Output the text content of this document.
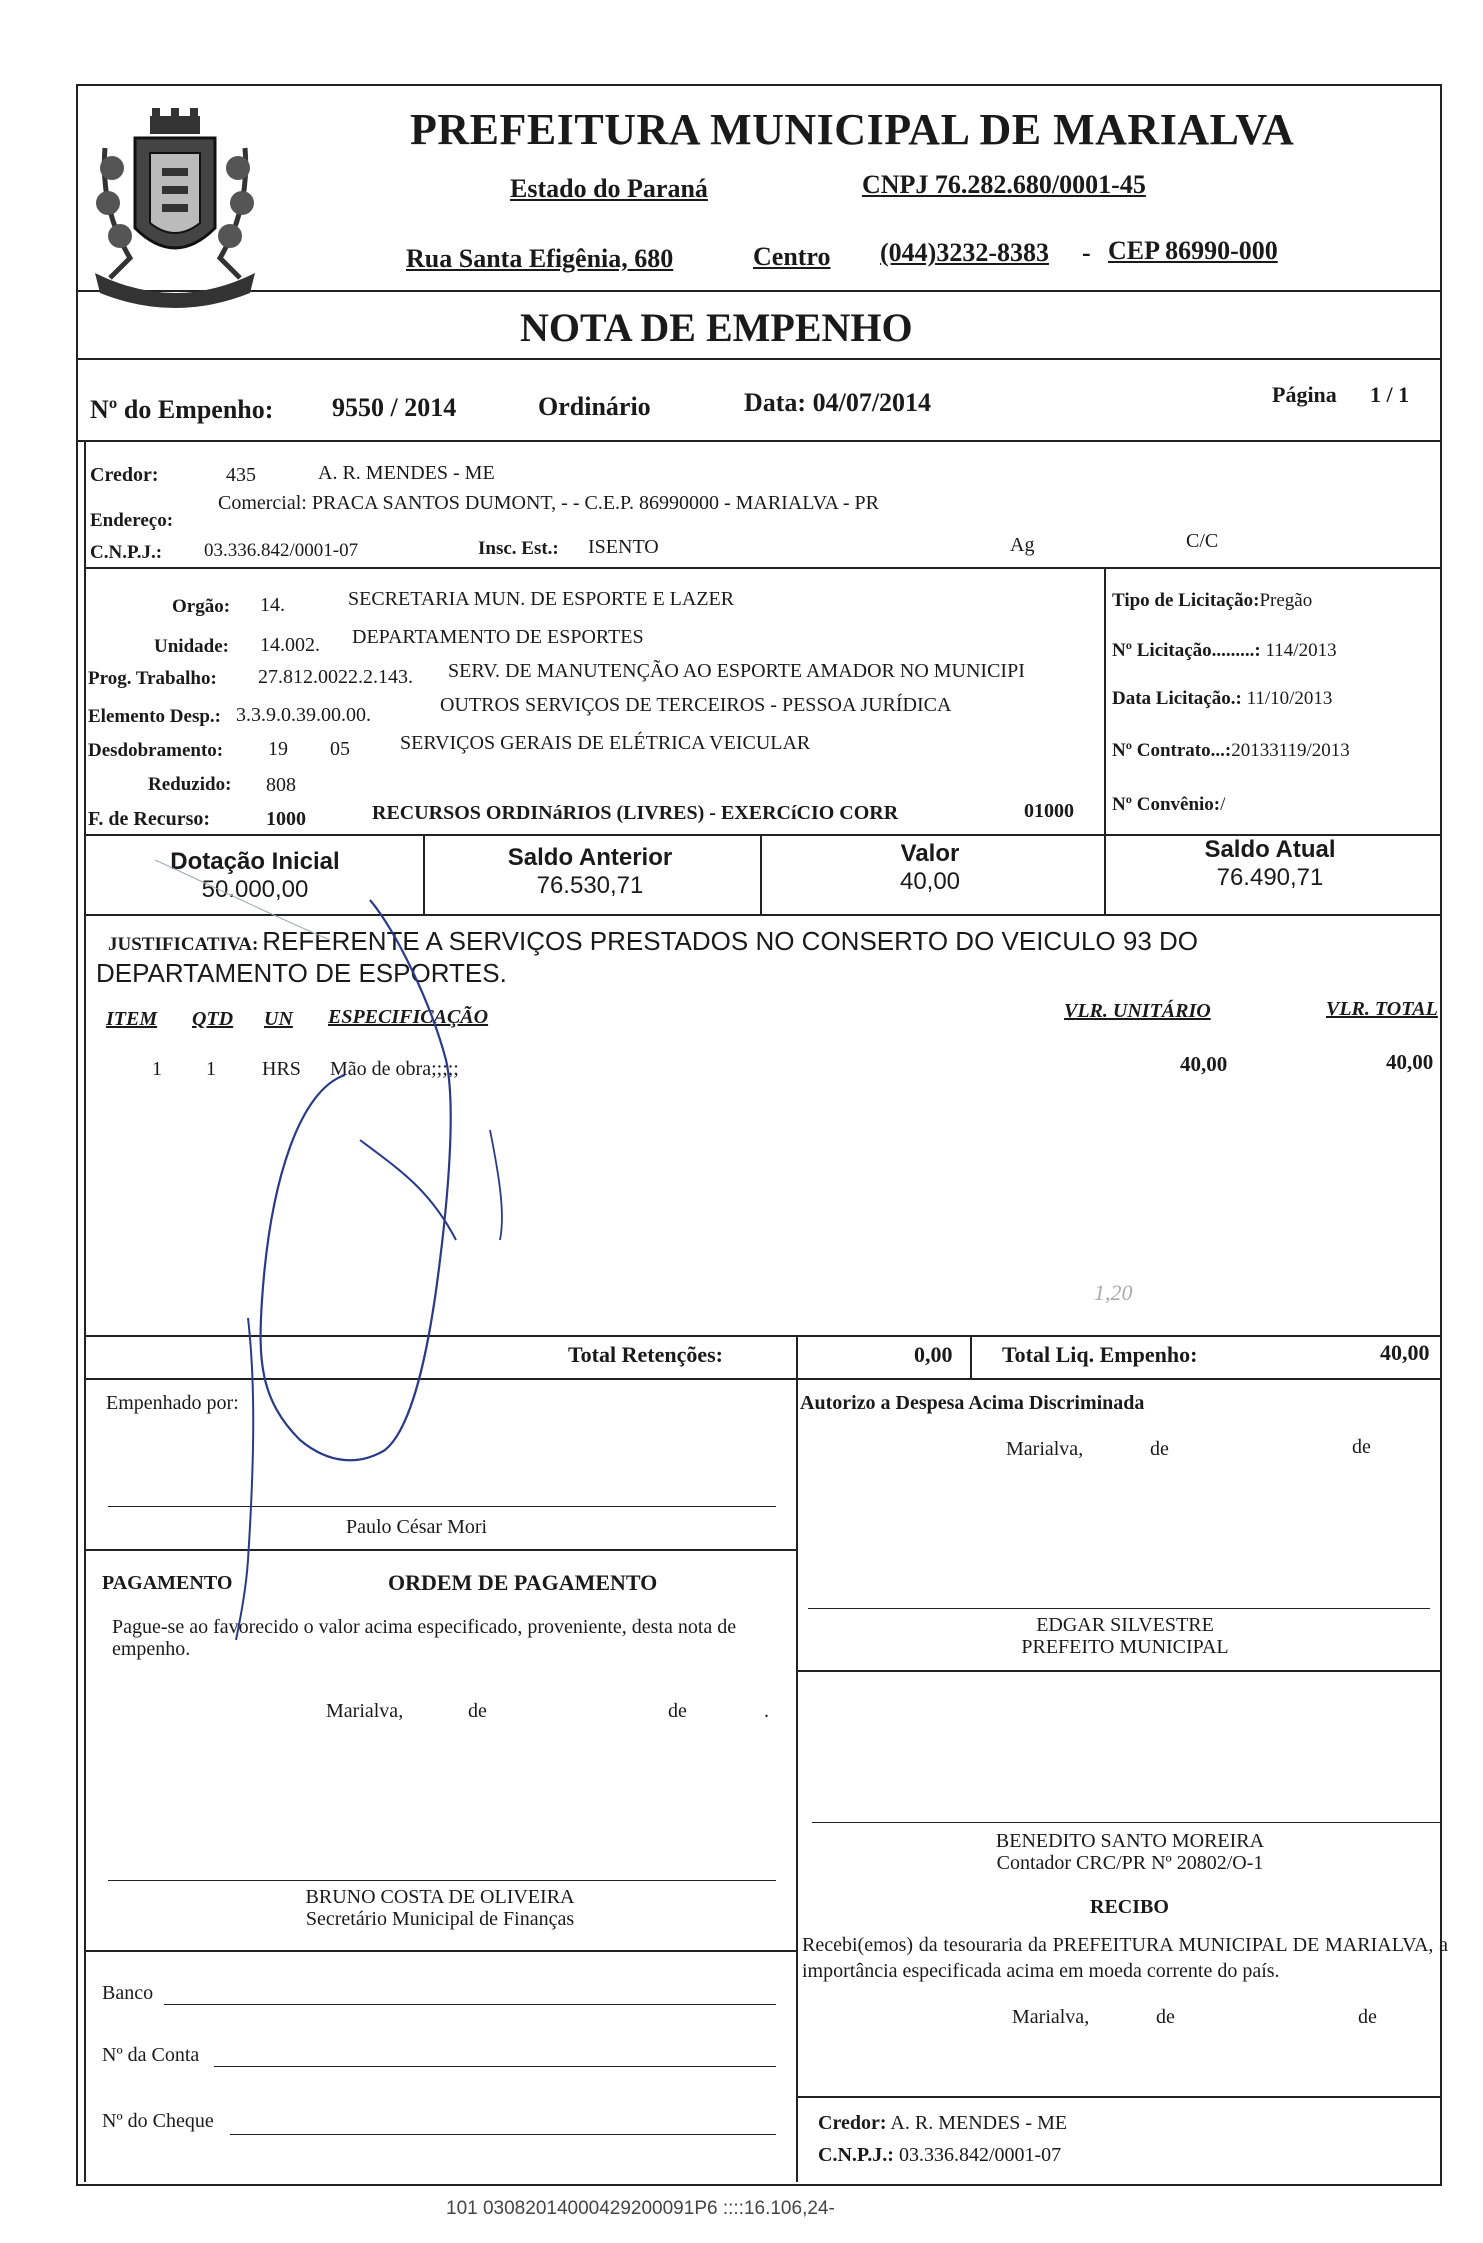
PREFEITURA MUNICIPAL DE MARIALVA
Estado do Paraná	CNPJ 76.282.680/0001-45
Rua Santa Efigênia, 680	Centro (044)3232-8383 - CEP 86990-000
NOTA DE EMPENHO
Nº do Empenho: 9550 / 2014	Ordinário	Data: 04/07/2014	Página 1 / 1
Credor:	435	A. R. MENDES - ME
Endereço:
Comercial: PRACA SANTOS DUMONT, - - C.E.P. 86990000 - MARIALVA - PR
C.N.P.J.: 03.336.842/0001-07	Insc. Est.: ISENTO	Ag	C/C
Orgão: 14.	SECRETARIA MUN. DE ESPORTE E LAZER
Unidade: 14.002. DEPARTAMENTO DE ESPORTES
Prog. Trabalho: 27.812.0022.2.143. SERV. DE MANUTENÇÃO AO ESPORTE AMADOR NO MUNICIPI
Elemento Desp.: 3.3.9.0.39.00.00.	OUTROS SERVIÇOS DE TERCEIROS - PESSOA JURÍDICA
Desdobramento: 19 05	SERVIÇOS GERAIS DE ELÉTRICA VEICULAR
Reduzido: 808
F. de Recurso:	1000	RECURSOS ORDINáRIOS (LIVRES) - EXERCíCIO CORR	01000
Tipo de Licitação:Pregão
Nº Licitação.........: 114/2013
Data Licitação.: 11/10/2013
Nº Contrato...:20133119/2013
Nº Convênio:/
Dotação Inicial
50.000,00
Saldo Anterior
76.530,71
Valor
40,00
Saldo Atual
76.490,71
JUSTIFICATIVA: REFERENTE A SERVIÇOS PRESTADOS NO CONSERTO DO VEICULO 93 DO
DEPARTAMENTO DE ESPORTES.
ITEM QTD UN ESPECIFICAÇÃO	VLR. UNITÁRIO	VLR. TOTAL
1 1 HRS Mão de obra;;;;;	40,00	40,00
1,20
Total Retenções:	0,00 Total Liq. Empenho:	40,00
Empenhado por:
Paulo César Mori
Autorizo a Despesa Acima Discriminada
Marialva,	de	de
EDGAR SILVESTRE
PREFEITO MUNICIPAL
PAGAMENTO	ORDEM DE PAGAMENTO
Pague-se ao favorecido o valor acima especificado, proveniente, desta nota de empenho.
Marialva,	de	de	.
BRUNO COSTA DE OLIVEIRA
Secretário Municipal de Finanças
Banco
Nº da Conta
Nº do Cheque
BENEDITO SANTO MOREIRA
Contador CRC/PR Nº 20802/O-1
RECIBO
Recebi(emos) da tesouraria da PREFEITURA MUNICIPAL DE MARIALVA, a importância especificada acima em moeda corrente do país.
Marialva,	de	de
Credor: A. R. MENDES - ME
C.N.P.J.: 03.336.842/0001-07
101 03082014000429200091P6 ::::16.106,24-
